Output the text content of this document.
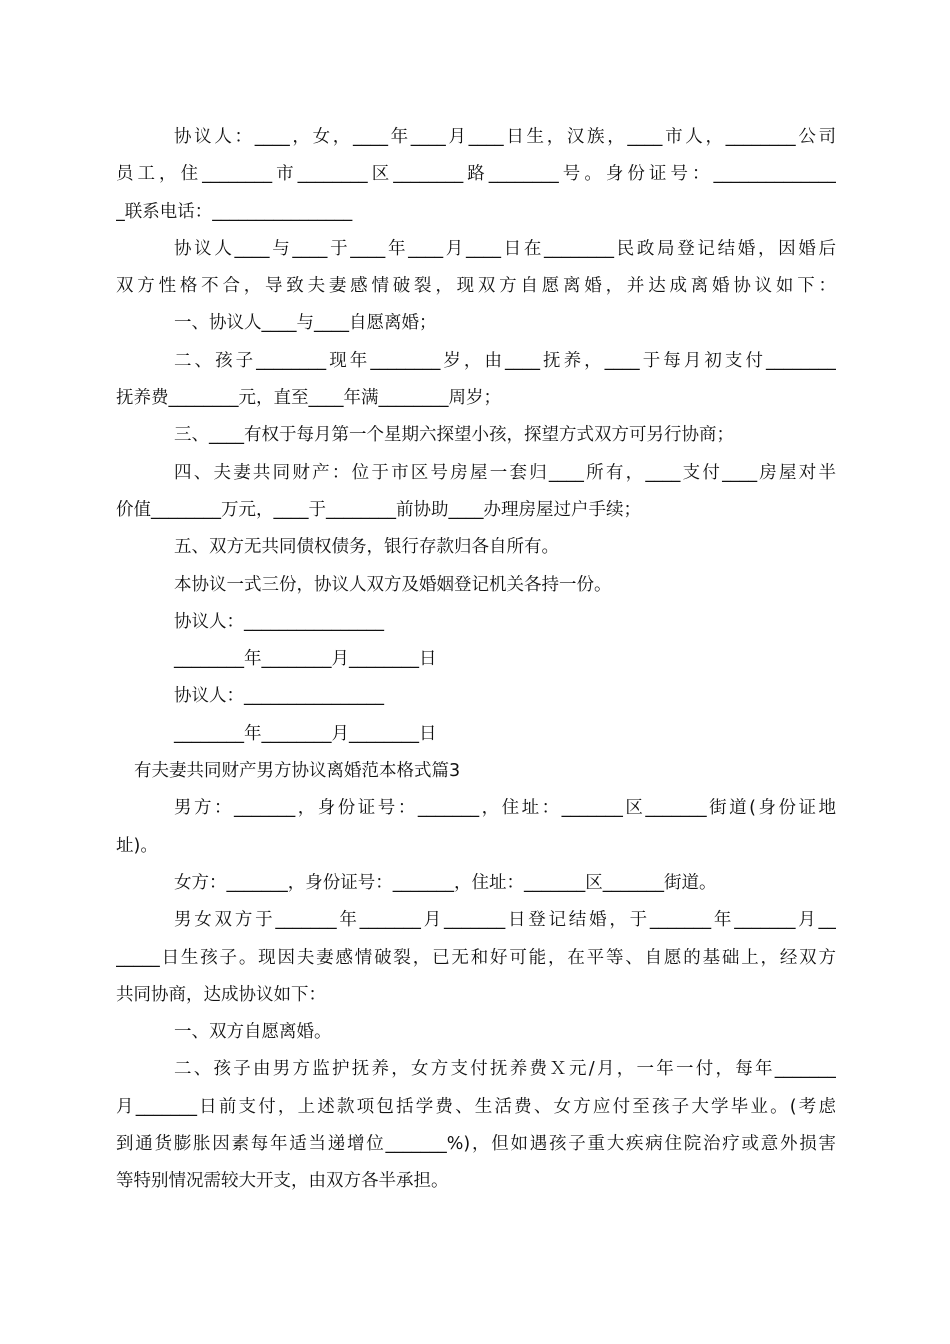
协议人：____，女，____年____月____日生，汉族，____市人，________公司
员工，住________市________区________路________号。身份证号：______________
_联系电话：________________
协议人____与____于____年____月____日在________民政局登记结婚，因婚后
双方性格不合，导致夫妻感情破裂，现双方自愿离婚，并达成离婚协议如下：
一、协议人____与____自愿离婚；
二、孩子________现年________岁，由____抚养，____于每月初支付________
抚养费________元，直至____年满________周岁；
三、____有权于每月第一个星期六探望小孩，探望方式双方可另行协商；
四、夫妻共同财产：位于市区号房屋一套归____所有，____支付____房屋对半
价值________万元，____于________前协助____办理房屋过户手续；
五、双方无共同债权债务，银行存款归各自所有。
本协议一式三份，协议人双方及婚姻登记机关各持一份。
协议人：________________
________年________月________日
协议人：________________
________年________月________日
有夫妻共同财产男方协议离婚范本格式篇3
男方：_______，身份证号：_______，住址：_______区_______街道(身份证地
址)。
女方：_______，身份证号：_______，住址：_______区_______街道。
男女双方于_______年_______月_______日登记结婚，于_______年_______月__
_____日生孩子。现因夫妻感情破裂，已无和好可能，在平等、自愿的基础上，经双方
共同协商，达成协议如下：
一、双方自愿离婚。
二、孩子由男方监护抚养，女方支付抚养费Ｘ元/月，一年一付，每年_______
月_______日前支付，上述款项包括学费、生活费、女方应付至孩子大学毕业。(考虑
到通货膨胀因素每年适当递增位_______%)，但如遇孩子重大疾病住院治疗或意外损害
等特别情况需较大开支，由双方各半承担。
